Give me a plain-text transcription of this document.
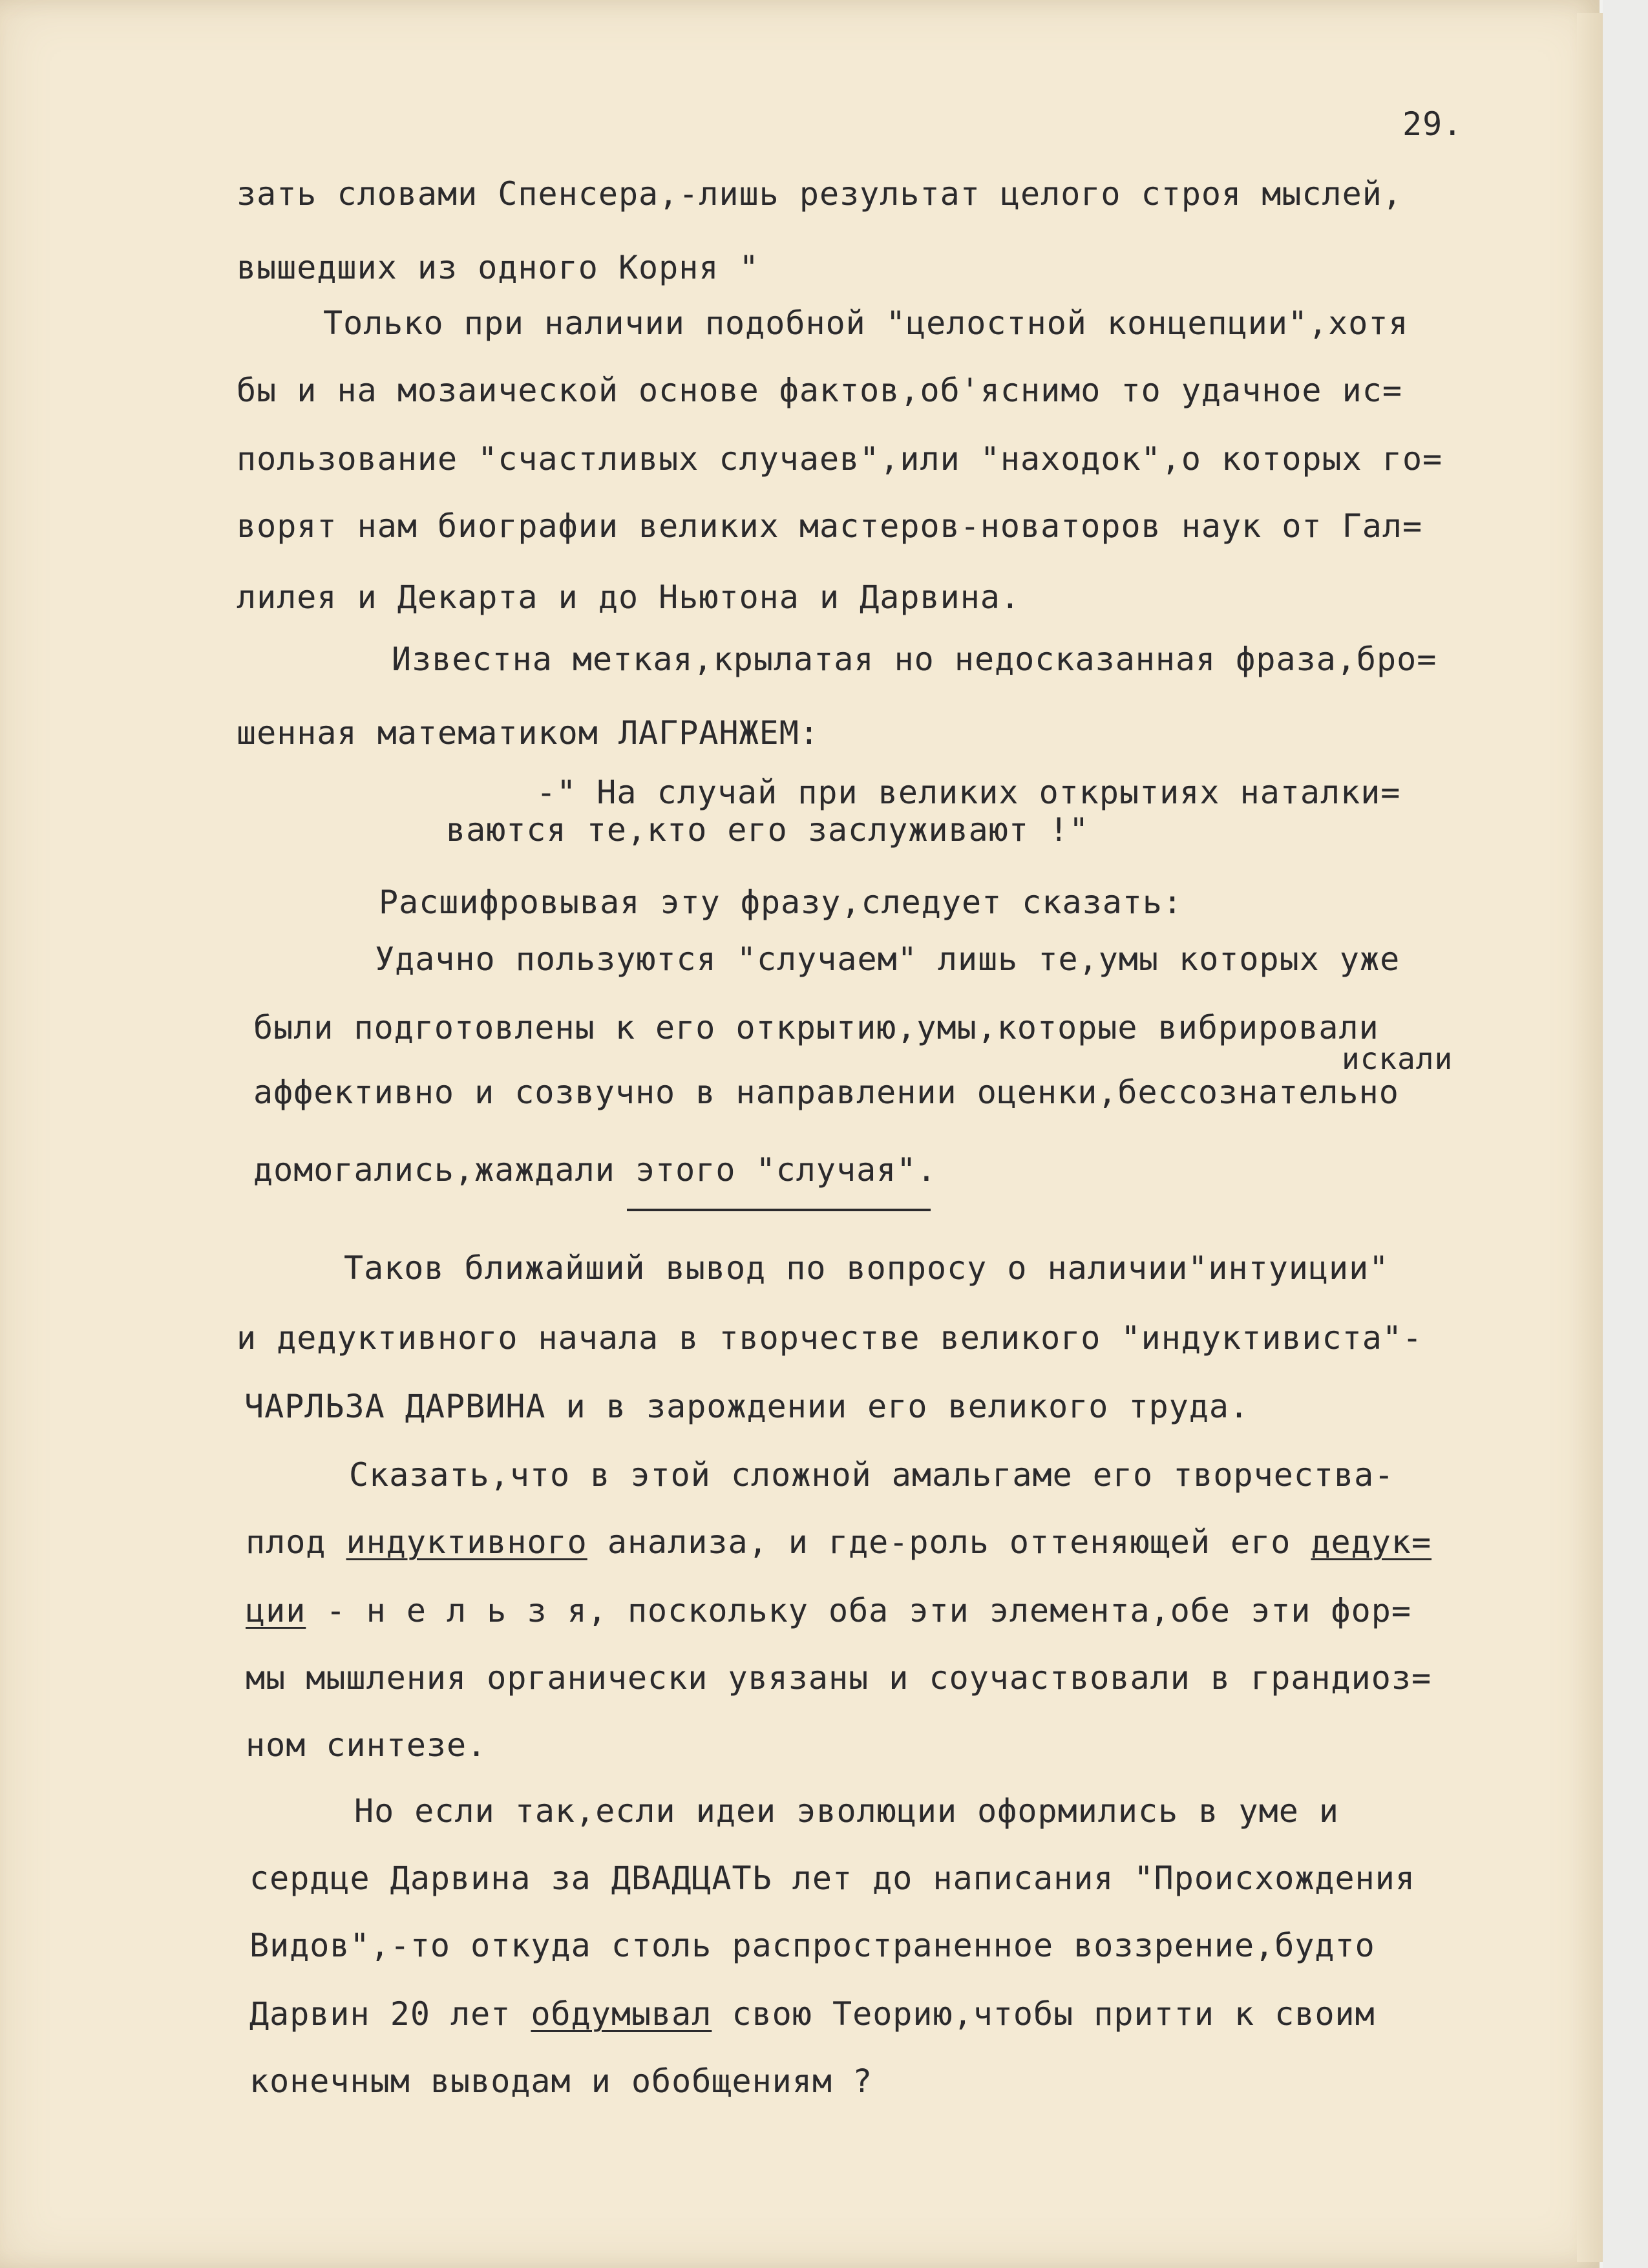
29.
зать словами Спенсера,-лишь результат целого строя мыслей,
вышедших из одного Корня "
Только при наличии подобной "целостной концепции",хотя
бы и на мозаической основе фактов,об'яснимо то удачное ис=
пользование "счастливых случаев",или "находок",о которых го=
ворят нам биографии великих мастеров-новаторов наук от Гал=
лилея и Декарта и до Ньютона и Дарвина.
Известна меткая,крылатая но недосказанная фраза,бро=
шенная математиком ЛАГРАНЖЕМ:
-" На случай при великих открытиях наталки=
ваются те,кто его заслуживают !"
Расшифровывая эту фразу,следует сказать:
Удачно пользуются "случаем" лишь те,умы которых уже
были подготовлены к его открытию,умы,которые вибрировали
искали
аффективно и созвучно в направлении оценки,бессознательно
домогались,жаждали этого "случая".
Таков ближайший вывод по вопросу о наличии"интуиции"
и дедуктивного начала в творчестве великого "индуктивиста"-
ЧАРЛЬЗА ДАРВИНА и в зарождении его великого труда.
Сказать,что в этой сложной амальгаме его творчества-
плод индуктивного анализа, и где-роль оттеняющей его дедук=
ции - н е л ь з я, поскольку оба эти элемента,обе эти фор=
мы мышления органически увязаны и соучаствовали в грандиоз=
ном синтезе.
Но если так,если идеи эволюции оформились в уме и
сердце Дарвина за ДВАДЦАТЬ лет до написания "Происхождения
Видов",-то откуда столь распространенное воззрение,будто
Дарвин 20 лет обдумывал свою Теорию,чтобы притти к своим
конечным выводам и обобщениям ?
